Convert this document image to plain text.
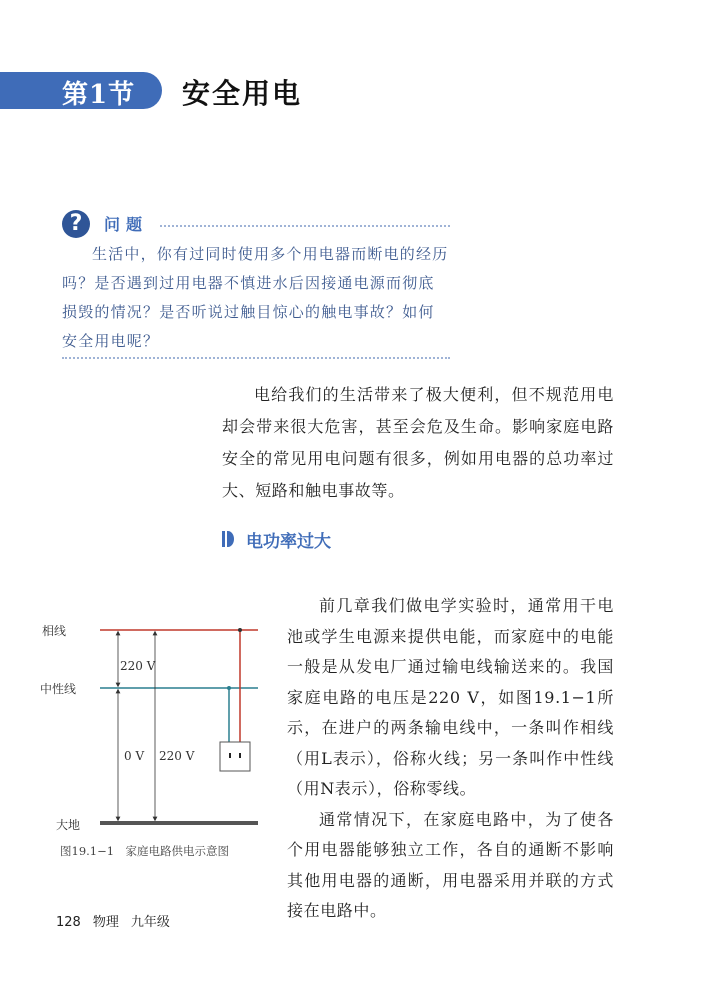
第1节 安全用电
?	问题
生活中，你有过同时使用多个用电器而断电的经历吗？是否遇到过用电器不慎进水后因接通电源而彻底损毁的情况？是否听说过触目惊心的触电事故？如何安全用电呢？

电给我们的生活带来了极大便利，但不规范用电却会带来很大危害，甚至会危及生命。影响家庭电路安全的常见用电问题有很多，例如用电器的总功率过大、短路和触电事故等。

电功率过大

前几章我们做电学实验时，通常用干电池或学生电源来提供电能，而家庭中的电能一般是从发电厂通过输电线输送来的。我国家庭电路的电压是220 V，如图19.1−1所示，在进户的两条输电线中，一条叫作相线（用L表示），俗称火线；另一条叫作中性线（用N表示），俗称零线。

通常情况下，在家庭电路中，为了使各个用电器能够独立工作，各自的通断不影响其他用电器的通断，用电器采用并联的方式接在电路中。

相线
中性线
大地
220 V
0 V 220 V
图19.1−1　家庭电路供电示意图
128 物理 九年级
